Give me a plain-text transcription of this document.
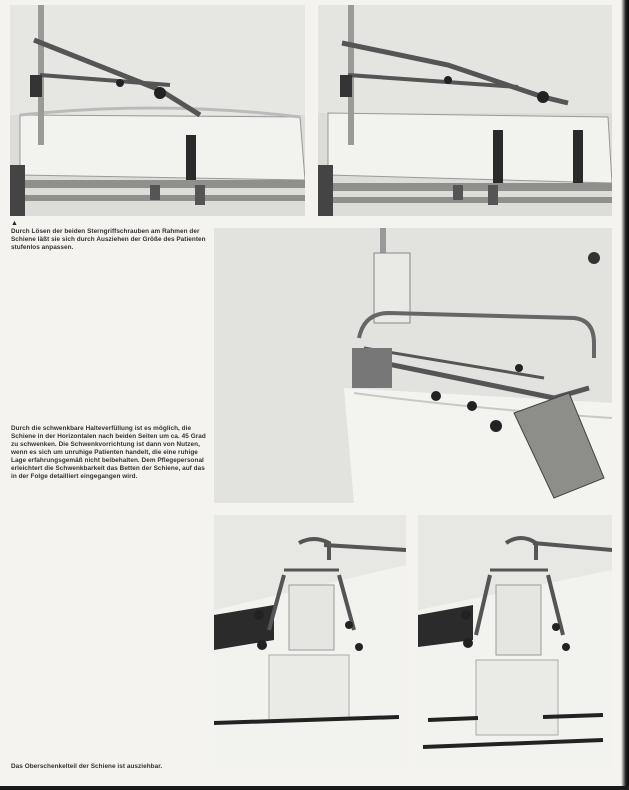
▲
Durch Lösen der beiden Sterngriffschrauben am Rahmen der Schiene läßt sie sich durch Ausziehen der Größe des Patienten stufenlos anpassen.
Durch die schwenkbare Halteverfüllung ist es möglich, die Schiene in der Horizontalen nach beiden Seiten um ca. 45 Grad zu schwenken. Die Schwenkvorrichtung ist dann von Nutzen, wenn es sich um unruhige Patienten handelt, die eine ruhige Lage erfahrungsgemäß nicht beibehalten. Dem Pflegepersonal erleichtert die Schwenkbarkeit das Betten der Schiene, auf das in der Folge detailliert eingegangen wird.
Das Oberschenkelteil der Schiene ist ausziehbar.
